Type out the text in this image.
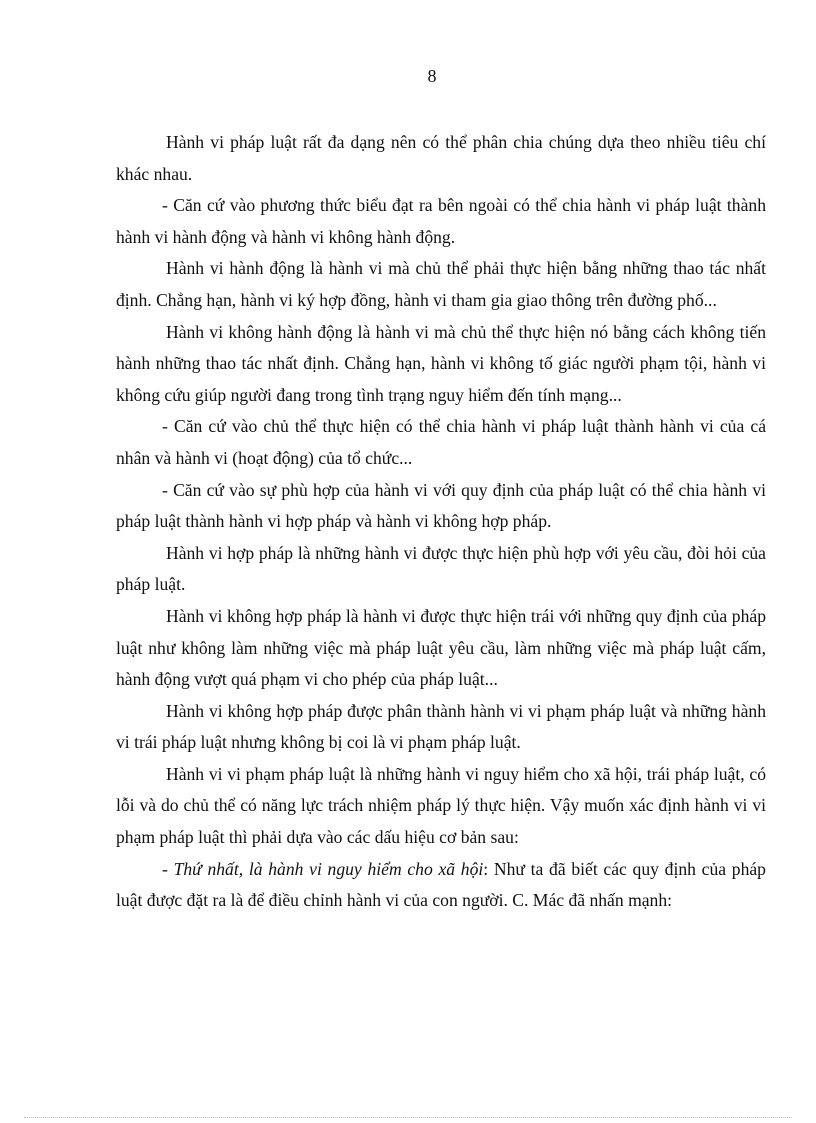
8

Hành vi pháp luật rất đa dạng nên có thể phân chia chúng dựa theo nhiều tiêu chí khác nhau.

- Căn cứ vào phương thức biểu đạt ra bên ngoài có thể chia hành vi pháp luật thành hành vi hành động và hành vi không hành động.

Hành vi hành động là hành vi mà chủ thể phải thực hiện bằng những thao tác nhất định. Chẳng hạn, hành vi ký hợp đồng, hành vi tham gia giao thông trên đường phố...

Hành vi không hành động là hành vi mà chủ thể thực hiện nó bằng cách không tiến hành những thao tác nhất định. Chẳng hạn, hành vi không tố giác người phạm tội, hành vi không cứu giúp người đang trong tình trạng nguy hiểm đến tính mạng...

- Căn cứ vào chủ thể thực hiện có thể chia hành vi pháp luật thành hành vi của cá nhân và hành vi (hoạt động) của tổ chức...

- Căn cứ vào sự phù hợp của hành vi với quy định của pháp luật có thể chia hành vi pháp luật thành hành vi hợp pháp và hành vi không hợp pháp.

Hành vi hợp pháp là những hành vi được thực hiện phù hợp với yêu cầu, đòi hỏi của pháp luật.

Hành vi không hợp pháp là hành vi được thực hiện trái với những quy định của pháp luật như không làm những việc mà pháp luật yêu cầu, làm những việc mà pháp luật cấm, hành động vượt quá phạm vi cho phép của pháp luật...

Hành vi không hợp pháp được phân thành hành vi vi phạm pháp luật và những hành vi trái pháp luật nhưng không bị coi là vi phạm pháp luật.

Hành vi vi phạm pháp luật là những hành vi nguy hiểm cho xã hội, trái pháp luật, có lỗi và do chủ thể có năng lực trách nhiệm pháp lý thực hiện. Vậy muốn xác định hành vi vi phạm pháp luật thì phải dựa vào các dấu hiệu cơ bản sau:

- Thứ nhất, là hành vi nguy hiểm cho xã hội: Như ta đã biết các quy định của pháp luật được đặt ra là để điều chỉnh hành vi của con người. C. Mác đã nhấn mạnh:
